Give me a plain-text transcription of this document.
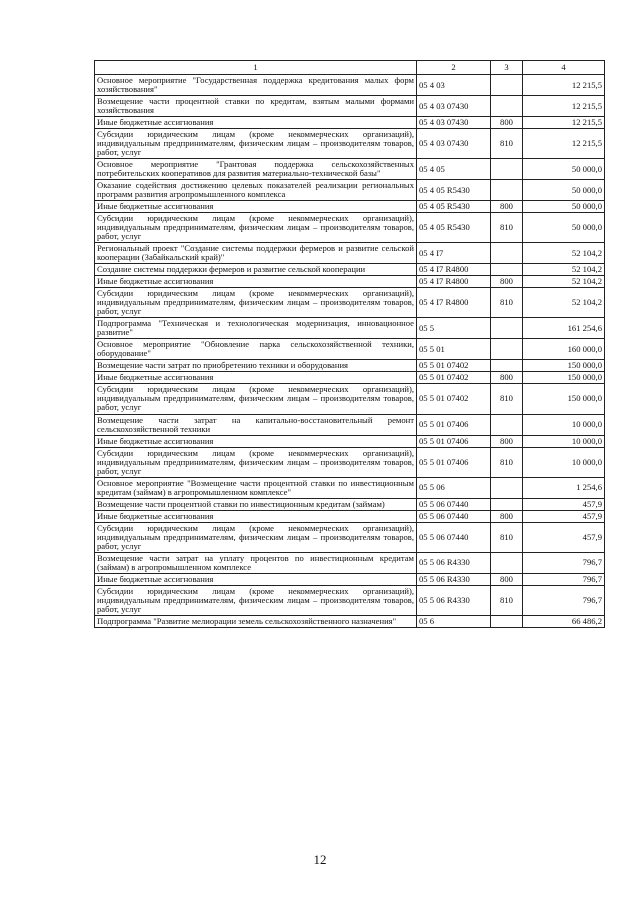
1	2	3	4
Основное мероприятие "Государственная поддержка кредитования малых форм хозяйствования"	05 4 03		12 215,5
Возмещение части процентной ставки по кредитам, взятым малыми формами хозяйствования	05 4 03 07430		12 215,5
Иные бюджетные ассигнования	05 4 03 07430	800	12 215,5
Субсидии юридическим лицам (кроме некоммерческих организаций), индивидуальным предпринимателям, физическим лицам – производителям товаров, работ, услуг	05 4 03 07430	810	12 215,5
Основное мероприятие "Грантовая поддержка сельскохозяйственных потребительских кооперативов для развития материально-технической базы"	05 4 05		50 000,0
Оказание содействия достижению целевых показателей реализации региональных программ развития агропромышленного комплекса	05 4 05 R5430		50 000,0
Иные бюджетные ассигнования	05 4 05 R5430	800	50 000,0
Субсидии юридическим лицам (кроме некоммерческих организаций), индивидуальным предпринимателям, физическим лицам – производителям товаров, работ, услуг	05 4 05 R5430	810	50 000,0
Региональный проект "Создание системы поддержки фермеров и развитие сельской кооперации (Забайкальский край)"	05 4 I7		52 104,2
Создание системы поддержки фермеров и развитие сельской кооперации	05 4 I7 R4800		52 104,2
Иные бюджетные ассигнования	05 4 I7 R4800	800	52 104,2
Субсидии юридическим лицам (кроме некоммерческих организаций), индивидуальным предпринимателям, физическим лицам – производителям товаров, работ, услуг	05 4 I7 R4800	810	52 104,2
Подпрограмма "Техническая и технологическая модернизация, инновационное развитие"	05 5		161 254,6
Основное мероприятие "Обновление парка сельскохозяйственной техники, оборудование"	05 5 01		160 000,0
Возмещение части затрат по приобретению техники и оборудования	05 5 01 07402		150 000,0
Иные бюджетные ассигнования	05 5 01 07402	800	150 000,0
Субсидии юридическим лицам (кроме некоммерческих организаций), индивидуальным предпринимателям, физическим лицам – производителям товаров, работ, услуг	05 5 01 07402	810	150 000,0
Возмещение части затрат на капитально-восстановительный ремонт сельскохозяйственной техники	05 5 01 07406		10 000,0
Иные бюджетные ассигнования	05 5 01 07406	800	10 000,0
Субсидии юридическим лицам (кроме некоммерческих организаций), индивидуальным предпринимателям, физическим лицам – производителям товаров, работ, услуг	05 5 01 07406	810	10 000,0
Основное мероприятие "Возмещение части процентной ставки по инвестиционным кредитам (займам) в агропромышленном комплексе"	05 5 06		1 254,6
Возмещение части процентной ставки по инвестиционным кредитам (займам)	05 5 06 07440		457,9
Иные бюджетные ассигнования	05 5 06 07440	800	457,9
Субсидии юридическим лицам (кроме некоммерческих организаций), индивидуальным предпринимателям, физическим лицам – производителям товаров, работ, услуг	05 5 06 07440	810	457,9
Возмещение части затрат на уплату процентов по инвестиционным кредитам (займам) в агропромышленном комплексе	05 5 06 R4330		796,7
Иные бюджетные ассигнования	05 5 06 R4330	800	796,7
Субсидии юридическим лицам (кроме некоммерческих организаций), индивидуальным предпринимателям, физическим лицам – производителям товаров, работ, услуг	05 5 06 R4330	810	796,7
Подпрограмма "Развитие мелиорации земель сельскохозяйственного назначения"	05 6		66 486,2
12
